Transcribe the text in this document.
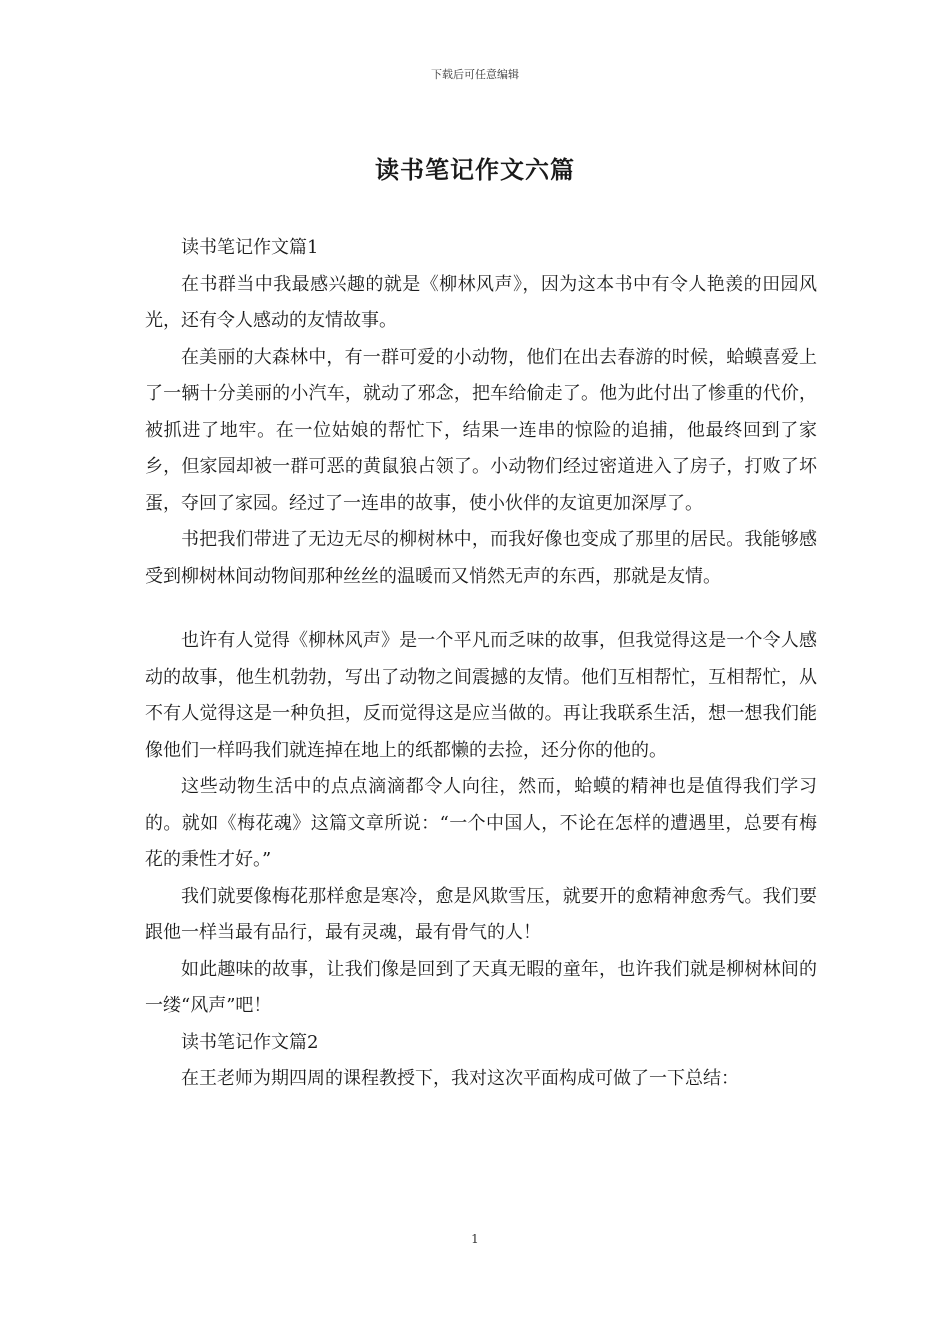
下载后可任意编辑
读书笔记作文六篇

读书笔记作文篇1

在书群当中我最感兴趣的就是《柳林风声》，因为这本书中有令人艳羡的田园风光，还有令人感动的友情故事。

在美丽的大森林中，有一群可爱的小动物，他们在出去春游的时候，蛤蟆喜爱上了一辆十分美丽的小汽车，就动了邪念，把车给偷走了。他为此付出了惨重的代价，被抓进了地牢。在一位姑娘的帮忙下，结果一连串的惊险的追捕，他最终回到了家乡，但家园却被一群可恶的黄鼠狼占领了。小动物们经过密道进入了房子，打败了坏蛋，夺回了家园。经过了一连串的故事，使小伙伴的友谊更加深厚了。

书把我们带进了无边无尽的柳树林中，而我好像也变成了那里的居民。我能够感受到柳树林间动物间那种丝丝的温暖而又悄然无声的东西，那就是友情。

也许有人觉得《柳林风声》是一个平凡而乏味的故事，但我觉得这是一个令人感动的故事，他生机勃勃，写出了动物之间震撼的友情。他们互相帮忙，互相帮忙，从不有人觉得这是一种负担，反而觉得这是应当做的。再让我联系生活，想一想我们能像他们一样吗我们就连掉在地上的纸都懒的去捡，还分你的他的。

这些动物生活中的点点滴滴都令人向往，然而，蛤蟆的精神也是值得我们学习的。就如《梅花魂》这篇文章所说：“一个中国人，不论在怎样的遭遇里，总要有梅花的秉性才好。”

我们就要像梅花那样愈是寒冷，愈是风欺雪压，就要开的愈精神愈秀气。我们要跟他一样当最有品行，最有灵魂，最有骨气的人！

如此趣味的故事，让我们像是回到了天真无暇的童年，也许我们就是柳树林间的一缕“风声”吧！

读书笔记作文篇2

在王老师为期四周的课程教授下，我对这次平面构成可做了一下总结：

1
